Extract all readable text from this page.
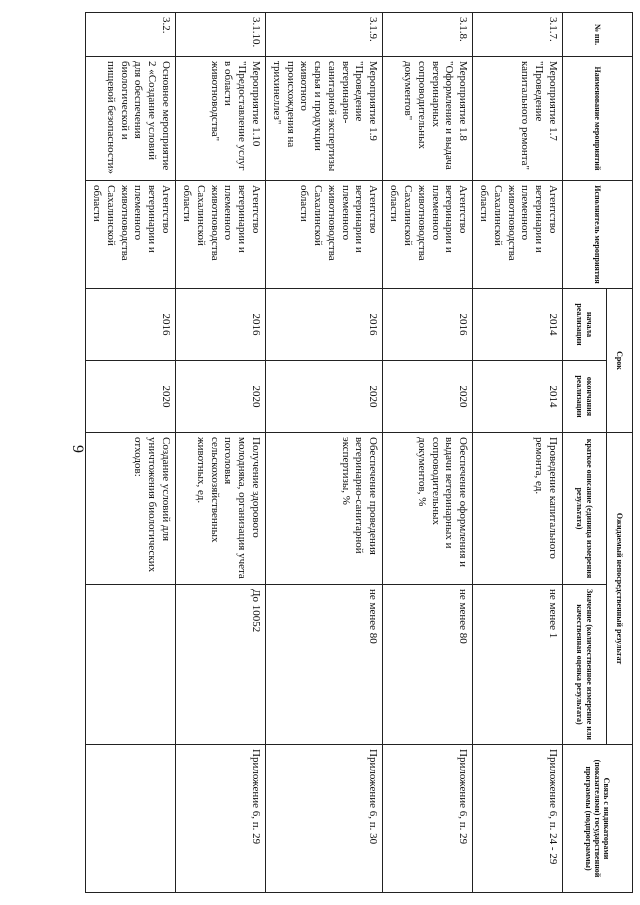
9
№ пп.	Наименование мероприятий	Исполнитель мероприятия	Срок		Ожидаемый непосредственный результат		Связь с индикаторами (показателями) государственной программы (подпрограммы)
			начала реализации	окончания реализации	краткое описание (единица измерения результата)	Значение (количественное измерение или качественная оценка результата)	
3.1.7.	Мероприятие 1.7 "Проведение капитального ремонта"	Агентство ветеринарии и племенного животноводства Сахалинской области	2014	2014	Проведение капитального ремонта, ед.	не менее 1	Приложение 6, п. 24 - 29
3.1.8.	Мероприятие 1.8 "Оформление и выдача ветеринарных сопроводительных документов"	Агентство ветеринарии и племенного животноводства Сахалинской области	2016	2020	Обеспечение оформления и выдачи ветеринарных и сопроводительных документов, %	не менее 80	Приложение 6, п. 29
3.1.9.	Мероприятие 1.9 "Проведение ветеринарно-санитарной экспертизы сырья и продукции животного происхождения на трихинеллез"	Агентство ветеринарии и племенного животноводства Сахалинской области	2016	2020	Обеспечение проведения ветеринарно-санитарной экспертизы, %	не менее 80	Приложение 6, п. 30
3.1.10.	Мероприятие 1.10 "Предоставление услуг в области животноводства"	Агентство ветеринарии и племенного животноводства Сахалинской области	2016	2020	Получение здорового молодняка, организация учета поголовья сельскохозяйственных животных, ед.	До 10052	Приложение 6, п. 29
3.2.	Основное мероприятие 2 «Создание условий для обеспечения биологической и пищевой безопасности»	Агентство ветеринарии и племенного животноводства Сахалинской области	2016	2020	Создание условий для уничтожения биологических отходов:		
